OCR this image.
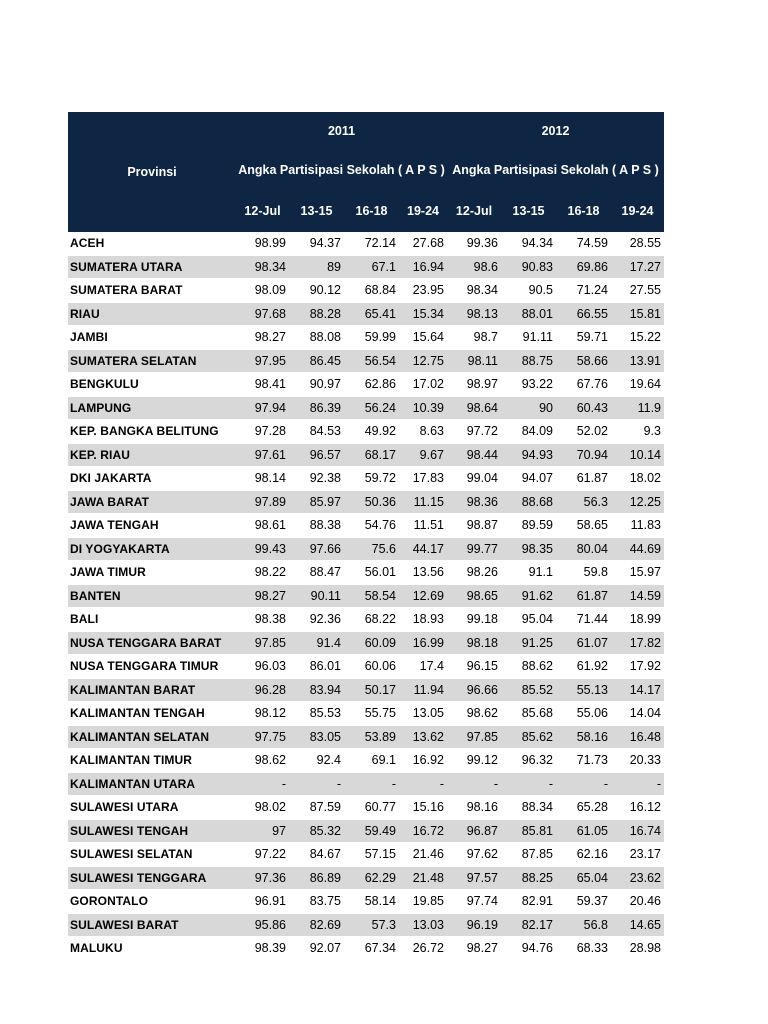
Provinsi	2011				2012			
	Angka Partisipasi Sekolah ( A P S )				Angka Partisipasi Sekolah ( A P S )			
	12-Jul	13-15	16-18	19-24	12-Jul	13-15	16-18	19-24
ACEH	98.99	94.37	72.14	27.68	99.36	94.34	74.59	28.55
SUMATERA UTARA	98.34	89	67.1	16.94	98.6	90.83	69.86	17.27
SUMATERA BARAT	98.09	90.12	68.84	23.95	98.34	90.5	71.24	27.55
RIAU	97.68	88.28	65.41	15.34	98.13	88.01	66.55	15.81
JAMBI	98.27	88.08	59.99	15.64	98.7	91.11	59.71	15.22
SUMATERA SELATAN	97.95	86.45	56.54	12.75	98.11	88.75	58.66	13.91
BENGKULU	98.41	90.97	62.86	17.02	98.97	93.22	67.76	19.64
LAMPUNG	97.94	86.39	56.24	10.39	98.64	90	60.43	11.9
KEP. BANGKA BELITUNG	97.28	84.53	49.92	8.63	97.72	84.09	52.02	9.3
KEP. RIAU	97.61	96.57	68.17	9.67	98.44	94.93	70.94	10.14
DKI JAKARTA	98.14	92.38	59.72	17.83	99.04	94.07	61.87	18.02
JAWA BARAT	97.89	85.97	50.36	11.15	98.36	88.68	56.3	12.25
JAWA TENGAH	98.61	88.38	54.76	11.51	98.87	89.59	58.65	11.83
DI YOGYAKARTA	99.43	97.66	75.6	44.17	99.77	98.35	80.04	44.69
JAWA TIMUR	98.22	88.47	56.01	13.56	98.26	91.1	59.8	15.97
BANTEN	98.27	90.11	58.54	12.69	98.65	91.62	61.87	14.59
BALI	98.38	92.36	68.22	18.93	99.18	95.04	71.44	18.99
NUSA TENGGARA BARAT	97.85	91.4	60.09	16.99	98.18	91.25	61.07	17.82
NUSA TENGGARA TIMUR	96.03	86.01	60.06	17.4	96.15	88.62	61.92	17.92
KALIMANTAN BARAT	96.28	83.94	50.17	11.94	96.66	85.52	55.13	14.17
KALIMANTAN TENGAH	98.12	85.53	55.75	13.05	98.62	85.68	55.06	14.04
KALIMANTAN SELATAN	97.75	83.05	53.89	13.62	97.85	85.62	58.16	16.48
KALIMANTAN TIMUR	98.62	92.4	69.1	16.92	99.12	96.32	71.73	20.33
KALIMANTAN UTARA	-	-	-	-	-	-	-	-
SULAWESI UTARA	98.02	87.59	60.77	15.16	98.16	88.34	65.28	16.12
SULAWESI TENGAH	97	85.32	59.49	16.72	96.87	85.81	61.05	16.74
SULAWESI SELATAN	97.22	84.67	57.15	21.46	97.62	87.85	62.16	23.17
SULAWESI TENGGARA	97.36	86.89	62.29	21.48	97.57	88.25	65.04	23.62
GORONTALO	96.91	83.75	58.14	19.85	97.74	82.91	59.37	20.46
SULAWESI BARAT	95.86	82.69	57.3	13.03	96.19	82.17	56.8	14.65
MALUKU	98.39	92.07	67.34	26.72	98.27	94.76	68.33	28.98
